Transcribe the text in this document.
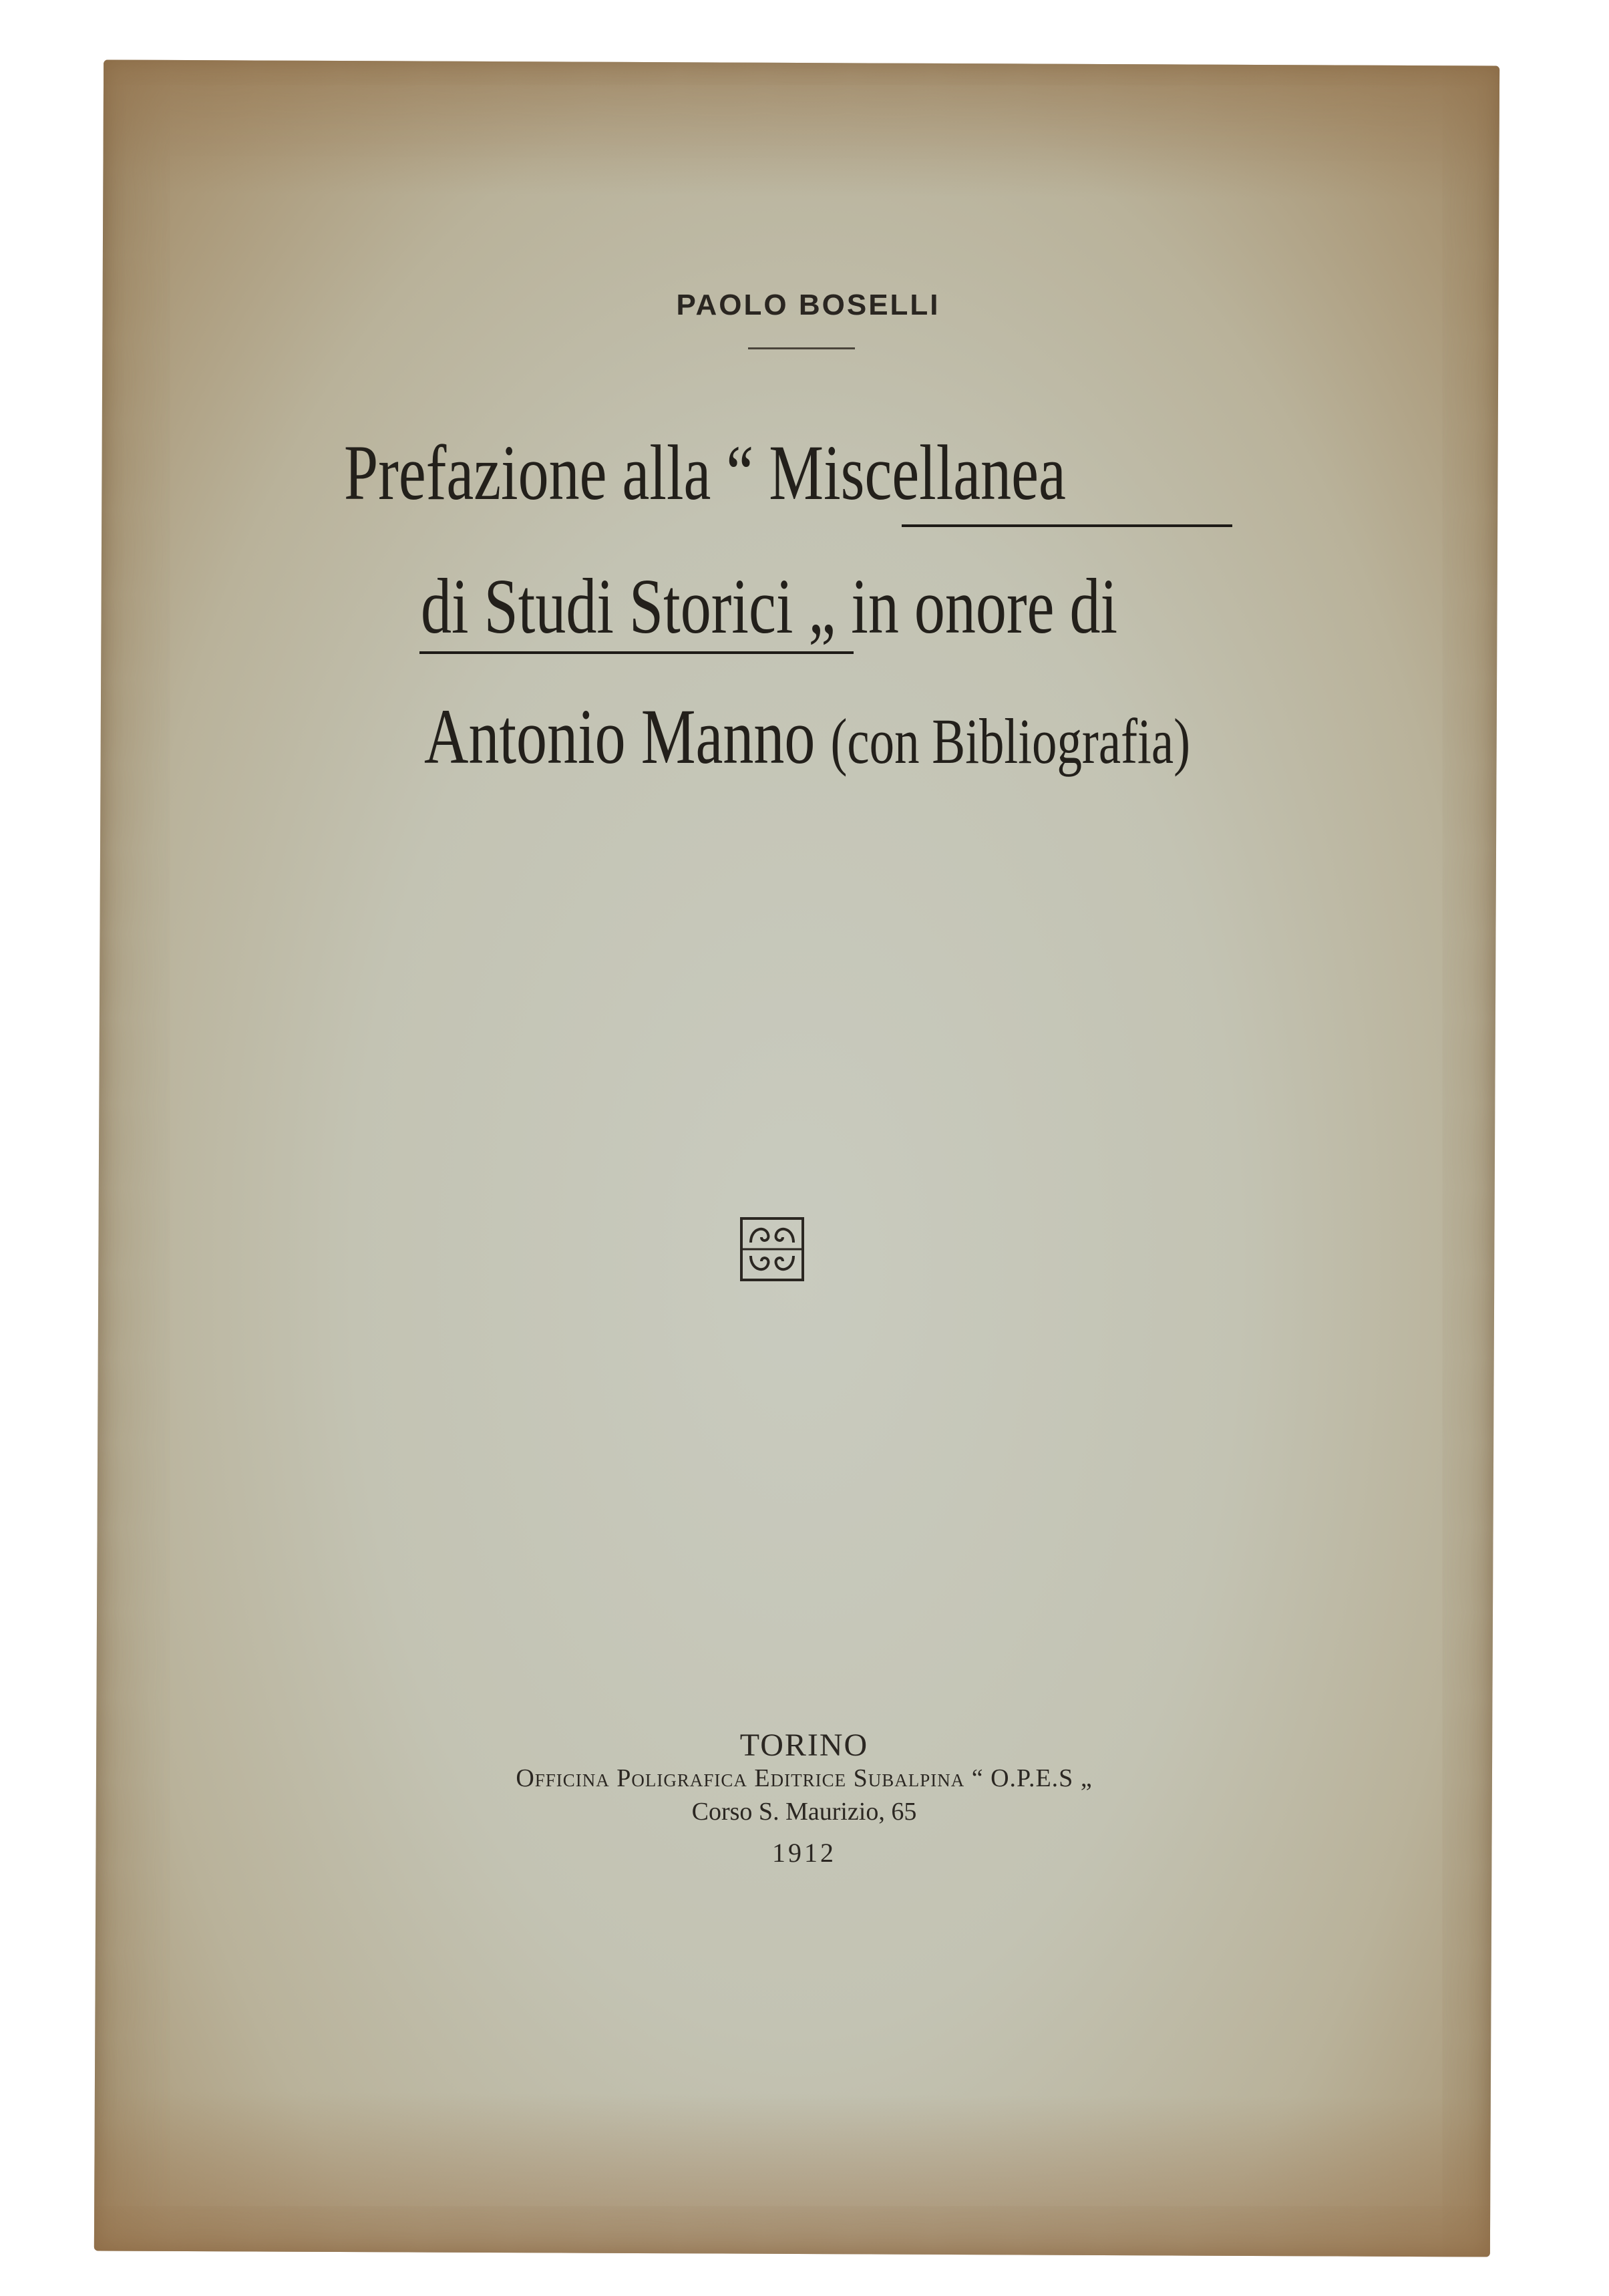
PAOLO BOSELLI
Prefazione alla “ Miscellanea
di Studi Storici „ in onore di
Antonio Manno (con Bibliografia)
TORINO
Officina Poligrafica Editrice Subalpina “ O.P.E.S „
Corso S. Maurizio, 65
1912
